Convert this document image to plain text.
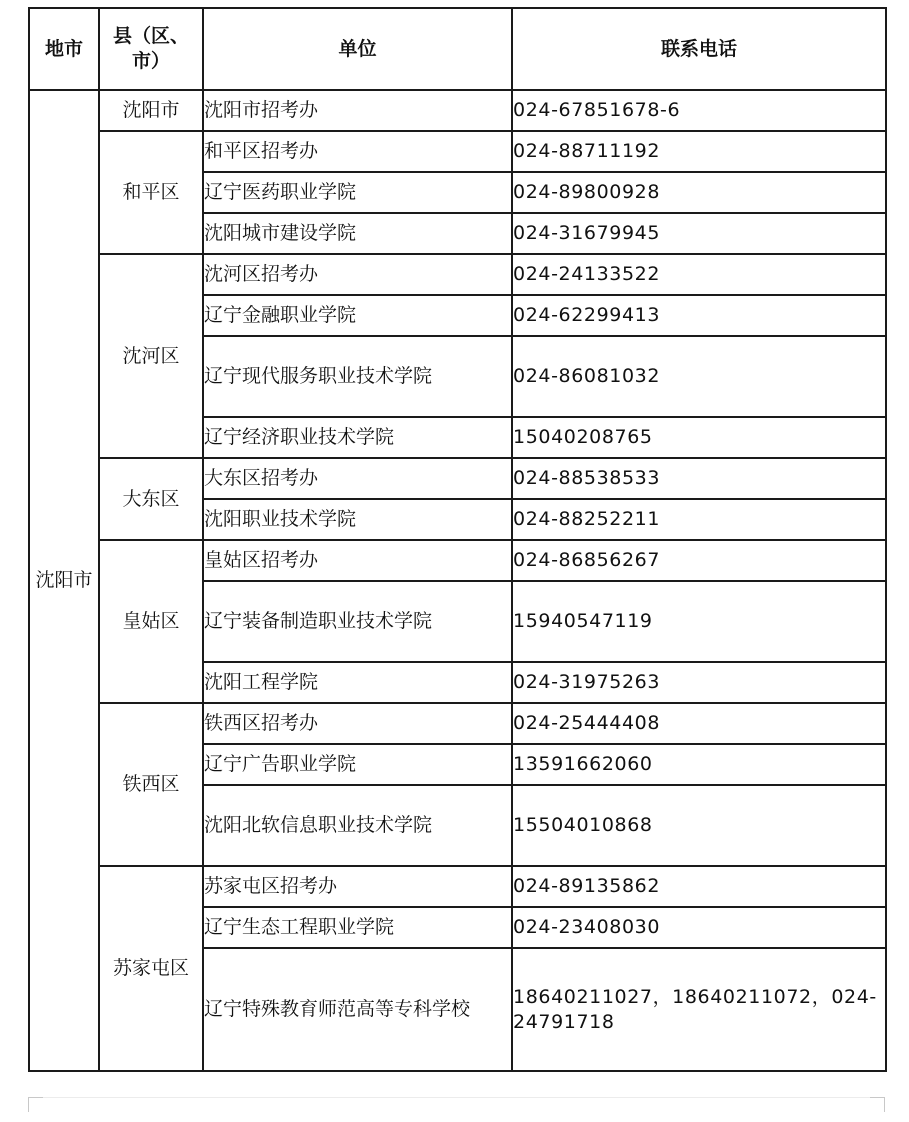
地市	县（区、市）	单位	联系电话
沈阳市	沈阳市	沈阳市招考办	024-67851678-6
	和平区	和平区招考办	024-88711192
		辽宁医药职业学院	024-89800928
		沈阳城市建设学院	024-31679945
	沈河区	沈河区招考办	024-24133522
		辽宁金融职业学院	024-62299413
		辽宁现代服务职业技术学院	024-86081032
		辽宁经济职业技术学院	15040208765
	大东区	大东区招考办	024-88538533
		沈阳职业技术学院	024-88252211
	皇姑区	皇姑区招考办	024-86856267
		辽宁装备制造职业技术学院	15940547119
		沈阳工程学院	024-31975263
	铁西区	铁西区招考办	024-25444408
		辽宁广告职业学院	13591662060
		沈阳北软信息职业技术学院	15504010868
	苏家屯区	苏家屯区招考办	024-89135862
		辽宁生态工程职业学院	024-23408030
		辽宁特殊教育师范高等专科学校	18640211027，18640211072，024-24791718
